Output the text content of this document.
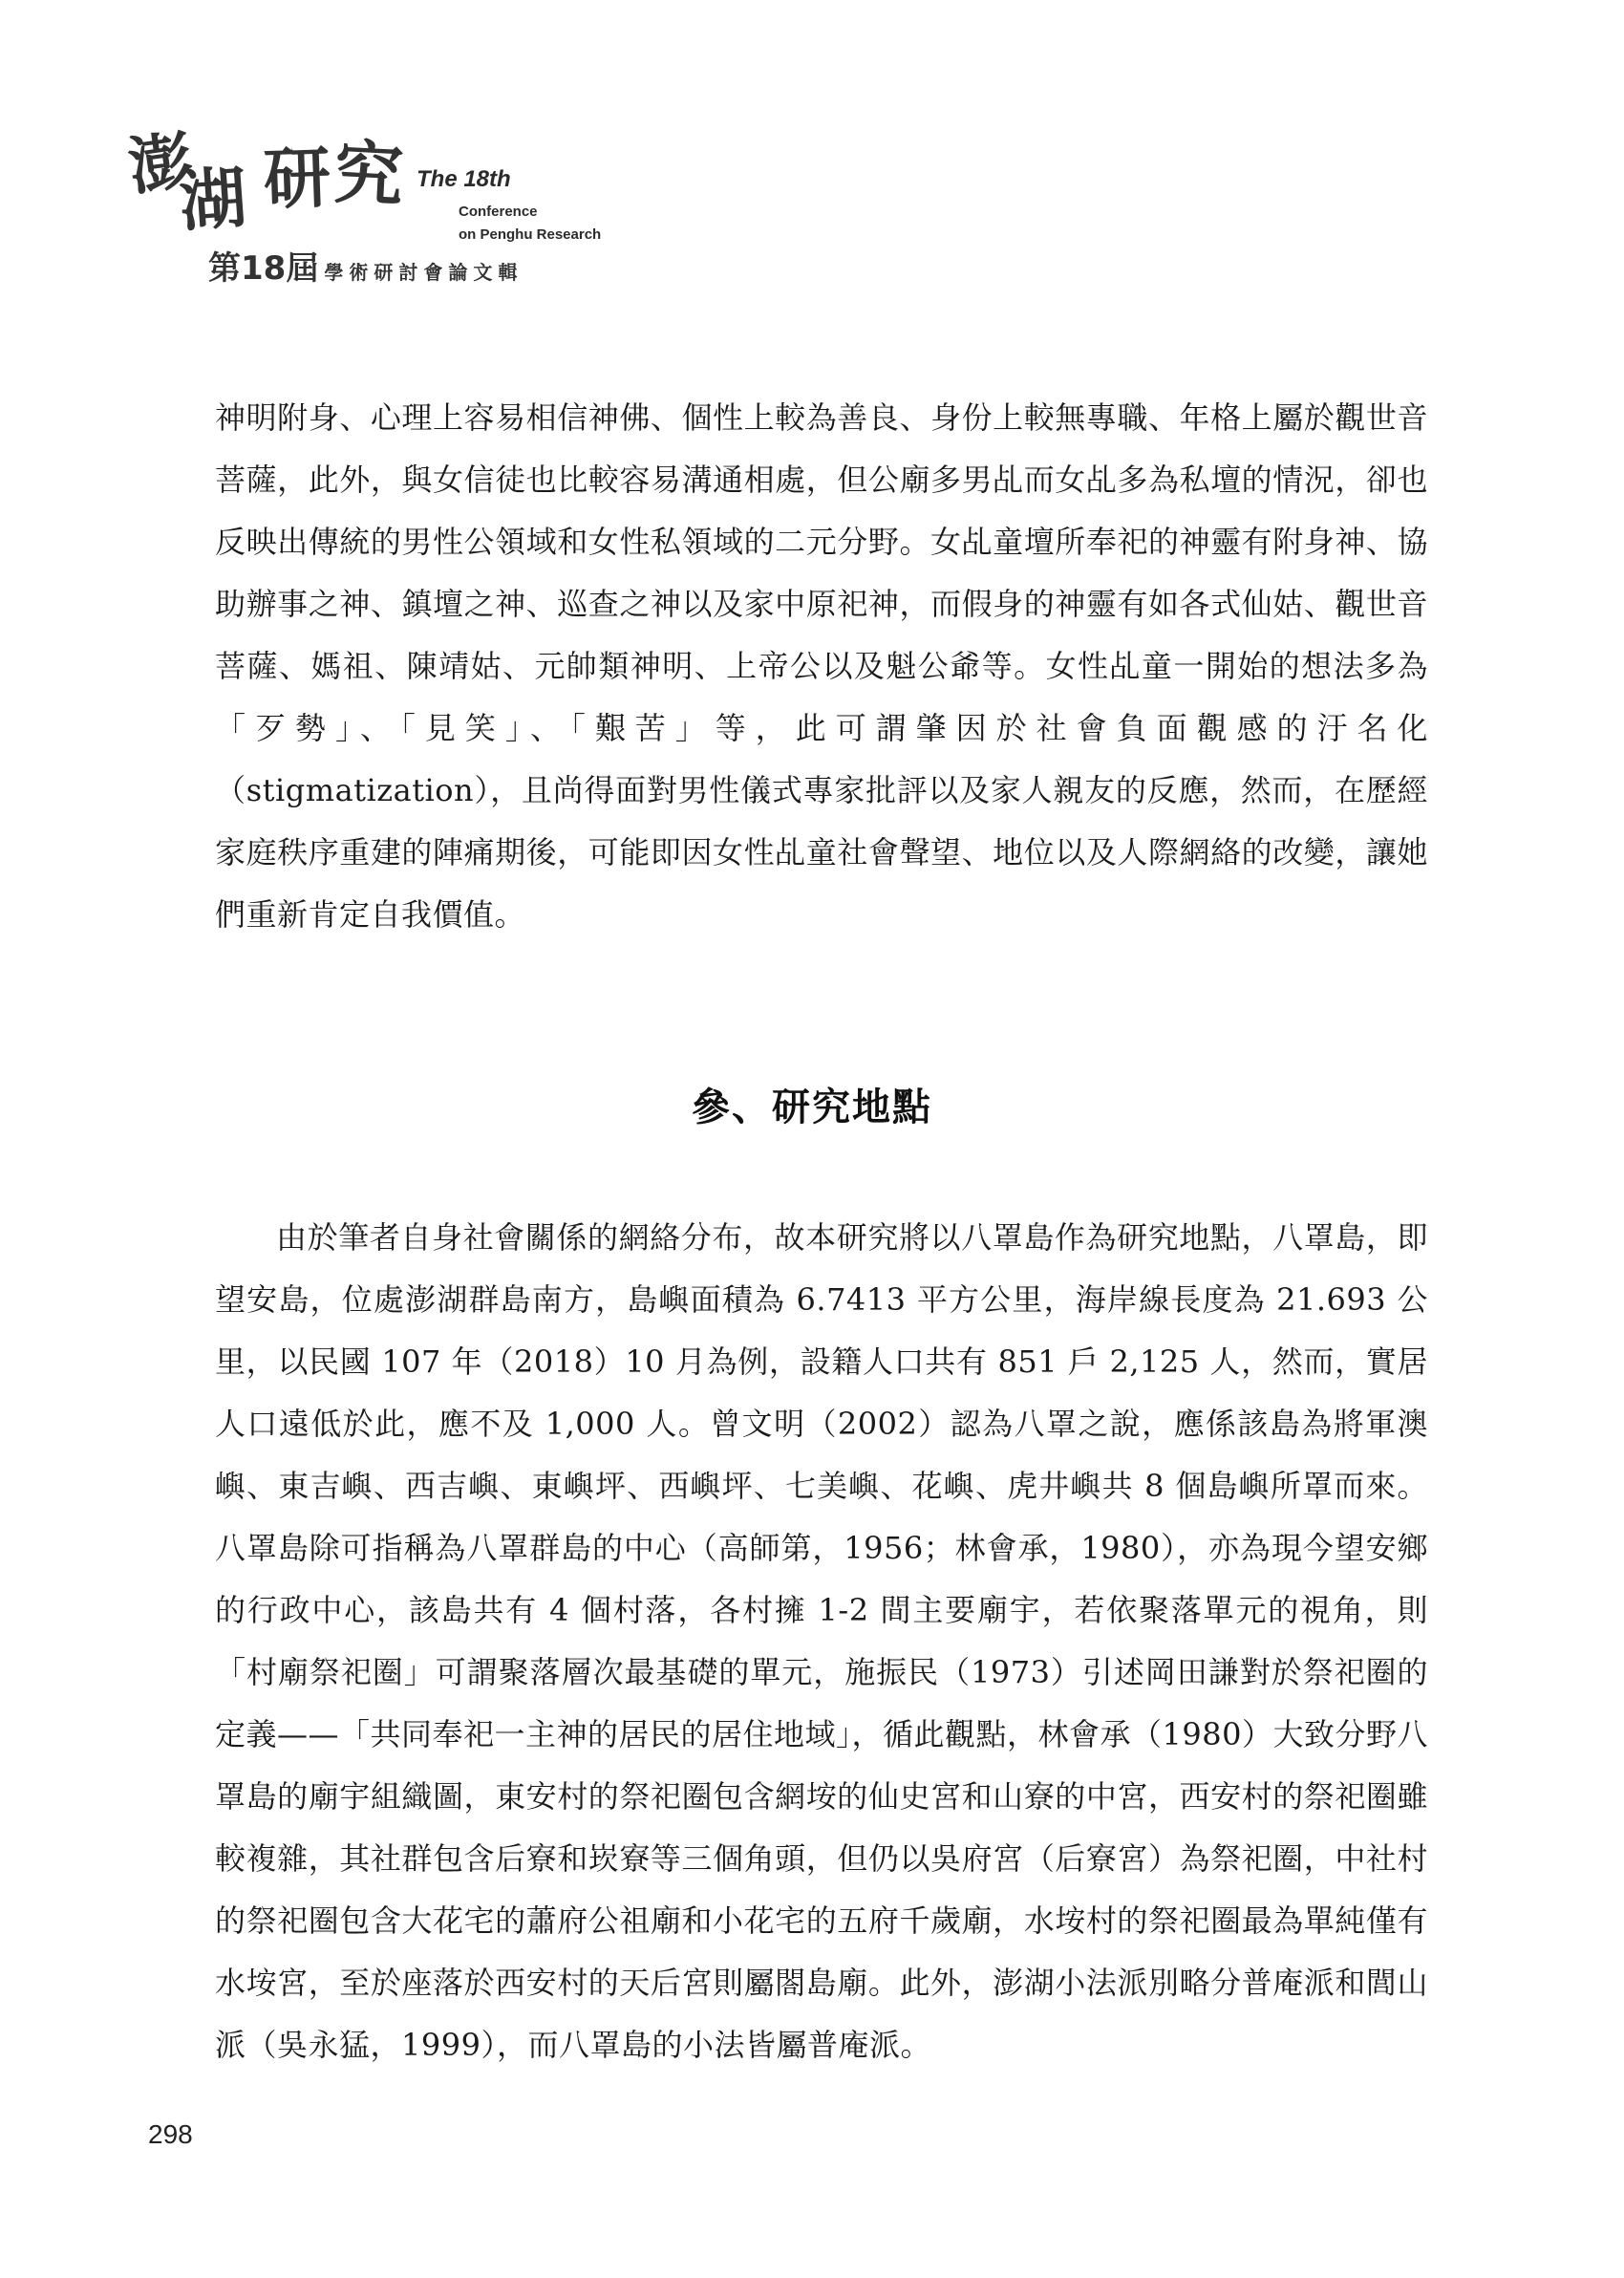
澎
湖 研 究 The 18th
Conference
on Penghu Research
第18屆 學術研討會論文輯

神明附身、心理上容易相信神佛、個性上較為善良、身份上較無專職、年格上屬於觀世音菩薩，此外，與女信徒也比較容易溝通相處，但公廟多男乩而女乩多為私壇的情況，卻也反映出傳統的男性公領域和女性私領域的二元分野。女乩童壇所奉祀的神靈有附身神、協助辦事之神、鎮壇之神、巡查之神以及家中原祀神，而假身的神靈有如各式仙姑、觀世音菩薩、媽祖、陳靖姑、元帥類神明、上帝公以及魁公爺等。女性乩童一開始的想法多為「歹勢」、「見笑」、「艱苦」等，此可謂肇因於社會負面觀感的汙名化（stigmatization），且尚得面對男性儀式專家批評以及家人親友的反應，然而，在歷經家庭秩序重建的陣痛期後，可能即因女性乩童社會聲望、地位以及人際網絡的改變，讓她們重新肯定自我價值。

參、研究地點

由於筆者自身社會關係的網絡分布，故本研究將以八罩島作為研究地點，八罩島，即望安島，位處澎湖群島南方，島嶼面積為 6.7413 平方公里，海岸線長度為 21.693 公里，以民國 107 年（2018）10 月為例，設籍人口共有 851 戶 2,125 人，然而，實居人口遠低於此，應不及 1,000 人。曾文明（2002）認為八罩之說，應係該島為將軍澳嶼、東吉嶼、西吉嶼、東嶼坪、西嶼坪、七美嶼、花嶼、虎井嶼共 8 個島嶼所罩而來。八罩島除可指稱為八罩群島的中心（高師第，1956；林會承，1980），亦為現今望安鄉的行政中心，該島共有 4 個村落，各村擁 1-2 間主要廟宇，若依聚落單元的視角，則「村廟祭祀圈」可謂聚落層次最基礎的單元，施振民（1973）引述岡田謙對於祭祀圈的定義——「共同奉祀一主神的居民的居住地域」，循此觀點，林會承（1980）大致分野八罩島的廟宇組織圖，東安村的祭祀圈包含網垵的仙史宮和山寮的中宮，西安村的祭祀圈雖較複雜，其社群包含后寮和崁寮等三個角頭，但仍以吳府宮（后寮宮）為祭祀圈，中社村的祭祀圈包含大花宅的蕭府公祖廟和小花宅的五府千歲廟，水垵村的祭祀圈最為單純僅有水垵宮，至於座落於西安村的天后宮則屬閤島廟。此外，澎湖小法派別略分普庵派和閭山派（吳永猛，1999），而八罩島的小法皆屬普庵派。

298
